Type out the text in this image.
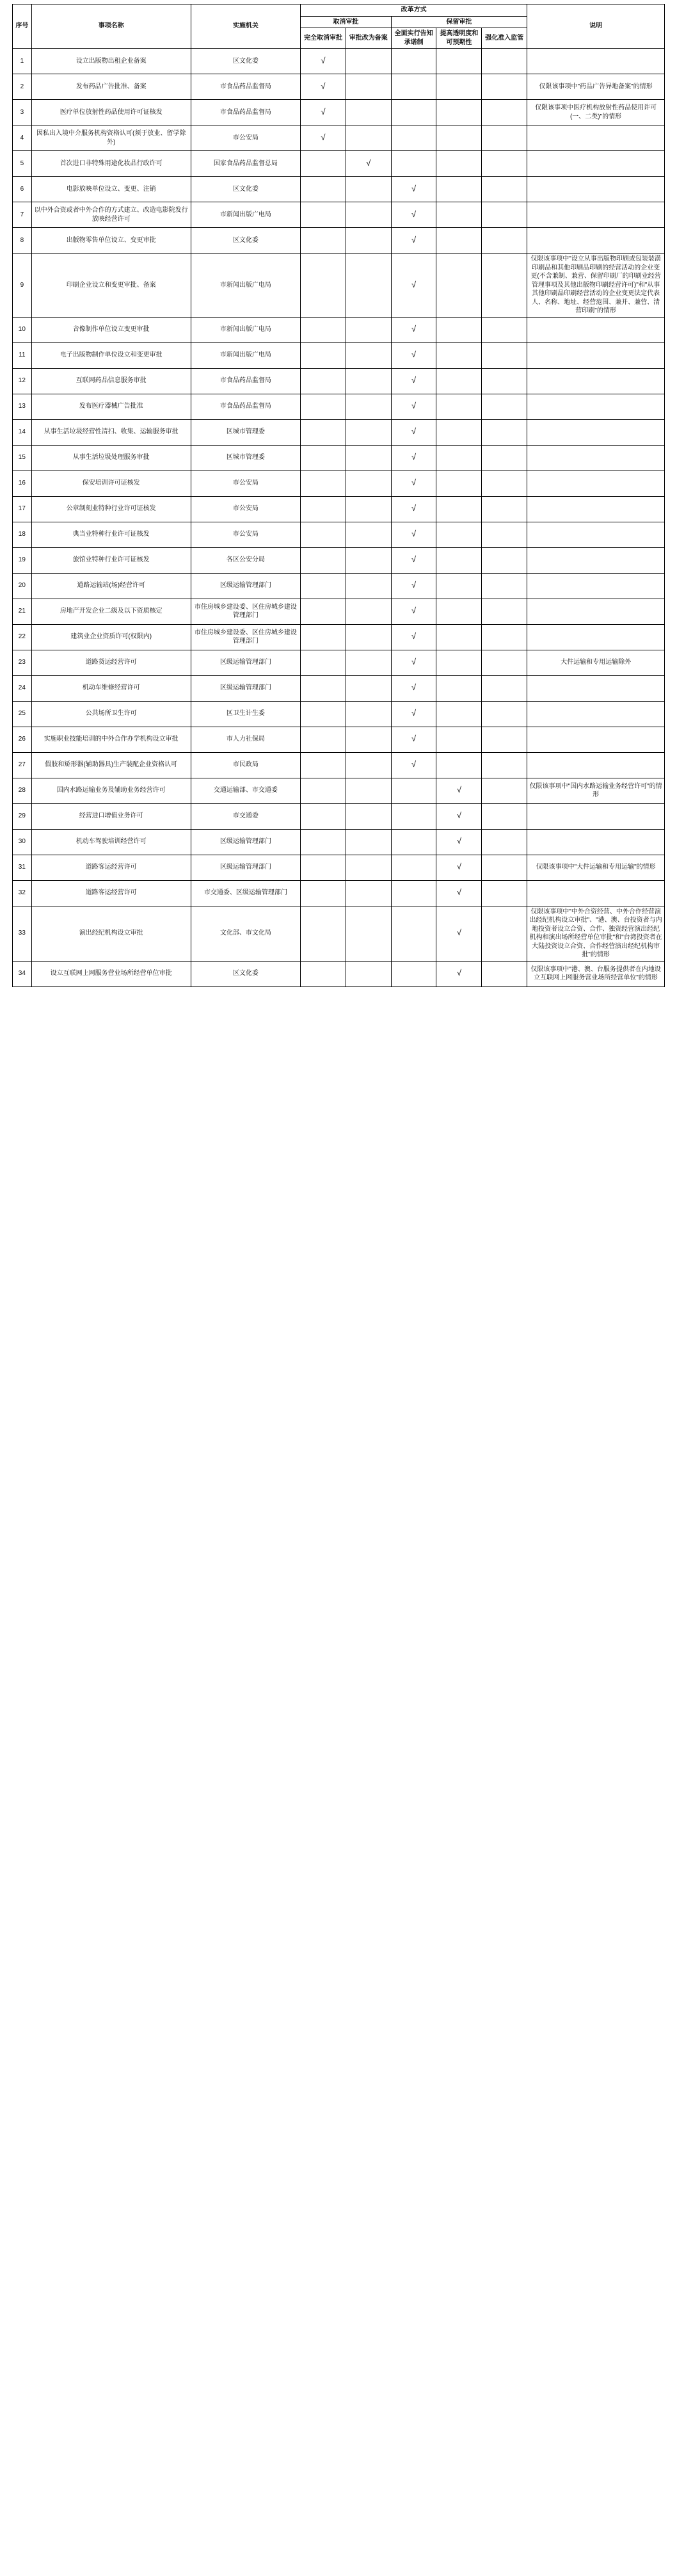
序号	事项名称	实施机关	改革方式					说明
			取消审批		保留审批			
			完全取消审批	审批改为备案	全面实行告知承诺制	提高透明度和可预期性	强化准入监管	
1	设立出版物出租企业备案	区文化委	√					
2	发布药品广告批准、备案	市食品药品监督局	√					仅限该事项中"药品广告异地备案"的情形
3	医疗单位放射性药品使用许可证核发	市食品药品监督局	√					仅限该事项中医疗机构放射性药品使用许可(一、二类)"的情形
4	因私出入境中介服务机构资格认可(须于放业、留学除外)	市公安局	√					
5	首次进口非特殊用途化妆品行政许可	国家食品药品监督总局		√				
6	电影放映单位设立、变更、注销	区文化委			√			
7	以中外合资或者中外合作的方式建立、改造电影院发行放映经营许可	市新闻出版广电局			√			
8	出版物零售单位设立、变更审批	区文化委			√			
9	印刷企业设立和变更审批、备案	市新闻出版广电局			√			仅限该事项中"设立从事出版物印刷或包装装潢印刷品和其他印刷品印刷的经营活动的企业变更(不含兼制、兼营、保留印刷厂的印刷业经营管理事项及其他出版物印刷经营许可)"和"从事其他印刷品印刷经营活动的企业变更法定代表人、名称、地址、经营范围、兼并、兼营、清营印刷"的情形
10	音像制作单位设立变更审批	市新闻出版广电局			√			
11	电子出版物制作单位设立和变更审批	市新闻出版广电局			√			
12	互联网药品信息服务审批	市食品药品监督局			√			
13	发布医疗器械广告批准	市食品药品监督局			√			
14	从事生活垃圾经营性清扫、收集、运输服务审批	区城市管理委			√			
15	从事生活垃圾处理服务审批	区城市管理委			√			
16	保安培训许可证核发	市公安局			√			
17	公章制刻业特种行业许可证核发	市公安局			√			
18	典当业特种行业许可证核发	市公安局			√			
19	旅馆业特种行业许可证核发	各区公安分局			√			
20	道路运输站(场)经营许可	区级运输管理部门			√			
21	房地产开发企业二级及以下资质核定	市住房城乡建设委、区住房城乡建设管理部门			√			
22	建筑业企业资质许可(权限内)	市住房城乡建设委、区住房城乡建设管理部门			√			
23	道路货运经营许可	区级运输管理部门			√			大件运输和专用运输除外
24	机动车维修经营许可	区级运输管理部门			√			
25	公共场所卫生许可	区卫生计生委			√			
26	实施职业技能培训的中外合作办学机构设立审批	市人力社保局			√			
27	假肢和矫形器(辅助器具)生产装配企业资格认可	市民政局			√			
28	国内水路运输业务及辅助业务经营许可	交通运输部、市交通委				√		仅限该事项中"国内水路运输业务经营许可"的情形
29	经营进口增值业务许可	市交通委				√		
30	机动车驾驶培训经营许可	区级运输管理部门				√		
31	道路客运经营许可	区级运输管理部门				√		仅限该事项中"大件运输和专用运输"的情形
32	道路客运经营许可	市交通委、区级运输管理部门				√		
33	演出经纪机构设立审批	文化部、市文化局				√		仅限该事项中"中外合资经营、中外合作经营演出经纪机构设立审批"、"港、澳、台投资者与内地投资者设立合资、合作、独资经营演出经纪机构和演出场所经营单位审批"和"台湾投资者在大陆投资设立合资、合作经营演出经纪机构审批"的情形
34	设立互联网上网服务营业场所经营单位审批	区文化委				√		仅限该事项中"港、澳、台服务提供者在内地设立互联网上网服务营业场所经营单位"的情形
